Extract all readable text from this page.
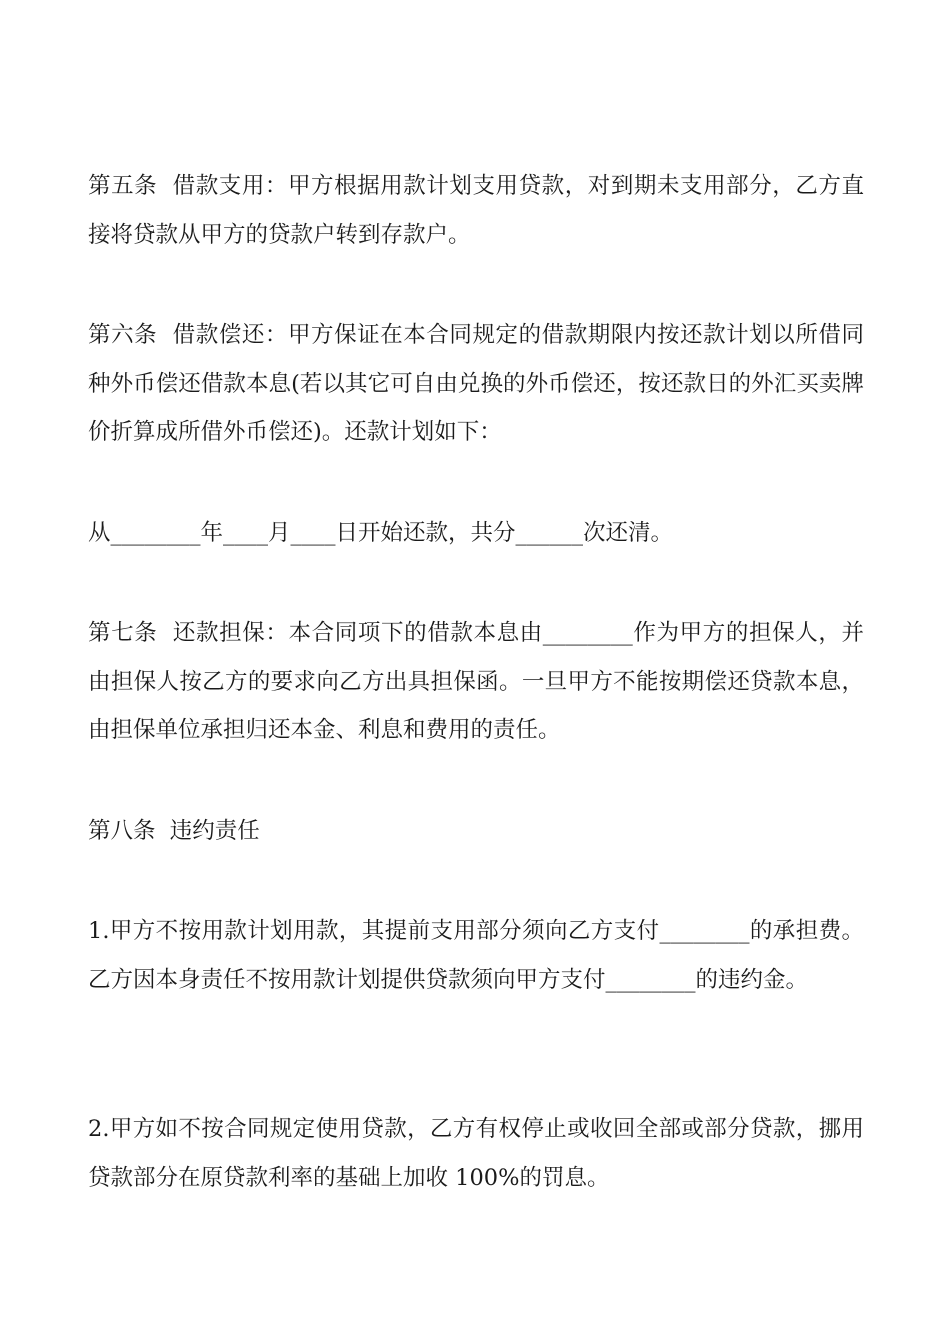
第五条  借款支用：甲方根据用款计划支用贷款，对到期未支用部分，乙方直接将贷款从甲方的贷款户转到存款户。

第六条  借款偿还：甲方保证在本合同规定的借款期限内按还款计划以所借同种外币偿还借款本息(若以其它可自由兑换的外币偿还，按还款日的外汇买卖牌价折算成所借外币偿还)。还款计划如下：

从________年____月____日开始还款，共分______次还清。

第七条  还款担保：本合同项下的借款本息由________作为甲方的担保人，并由担保人按乙方的要求向乙方出具担保函。一旦甲方不能按期偿还贷款本息，由担保单位承担归还本金、利息和费用的责任。

第八条  违约责任

1.甲方不按用款计划用款，其提前支用部分须向乙方支付________的承担费。乙方因本身责任不按用款计划提供贷款须向甲方支付________的违约金。

2.甲方如不按合同规定使用贷款，乙方有权停止或收回全部或部分贷款，挪用贷款部分在原贷款利率的基础上加收 100%的罚息。
